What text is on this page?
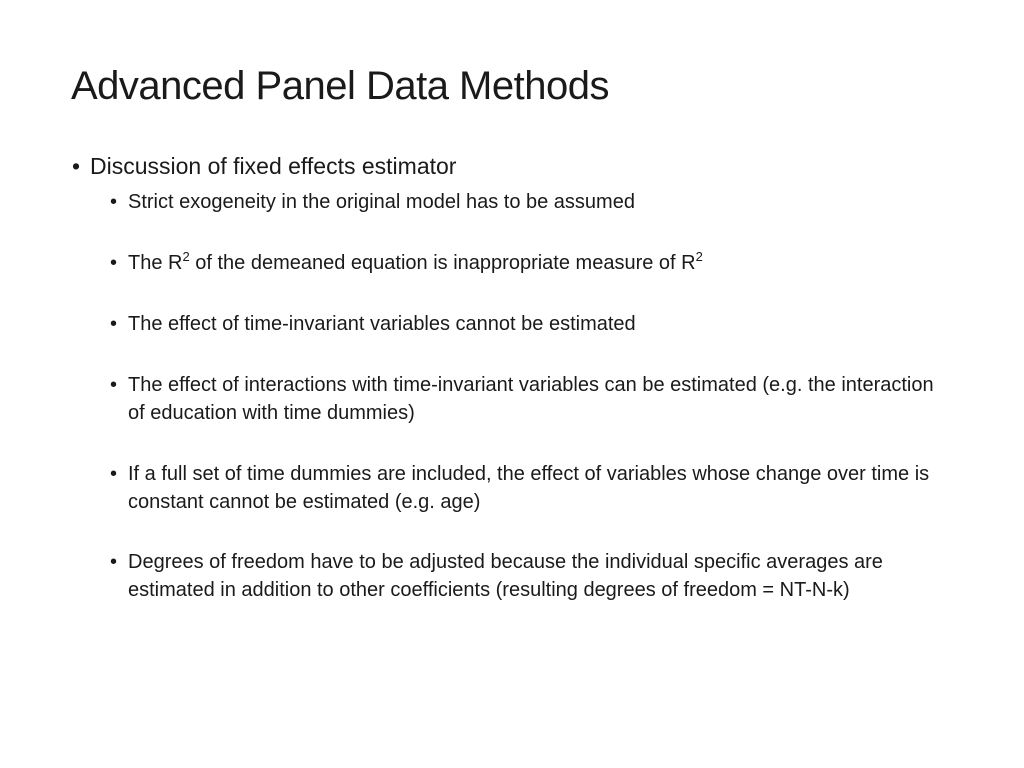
Advanced Panel Data Methods
• Discussion of fixed effects estimator
• Strict exogeneity in the original model has to be assumed
• The $R^2$ of the demeaned equation is inappropriate measure of $R^2$
• The effect of time-invariant variables cannot be estimated
• The effect of interactions with time-invariant variables can be estimated (e.g. the interaction of education with time dummies)
• If a full set of time dummies are included, the effect of variables whose change over time is constant cannot be estimated (e.g. age)
• Degrees of freedom have to be adjusted because the individual specific averages are estimated in addition to other coefficients (resulting degrees of freedom = NT-N-k)
